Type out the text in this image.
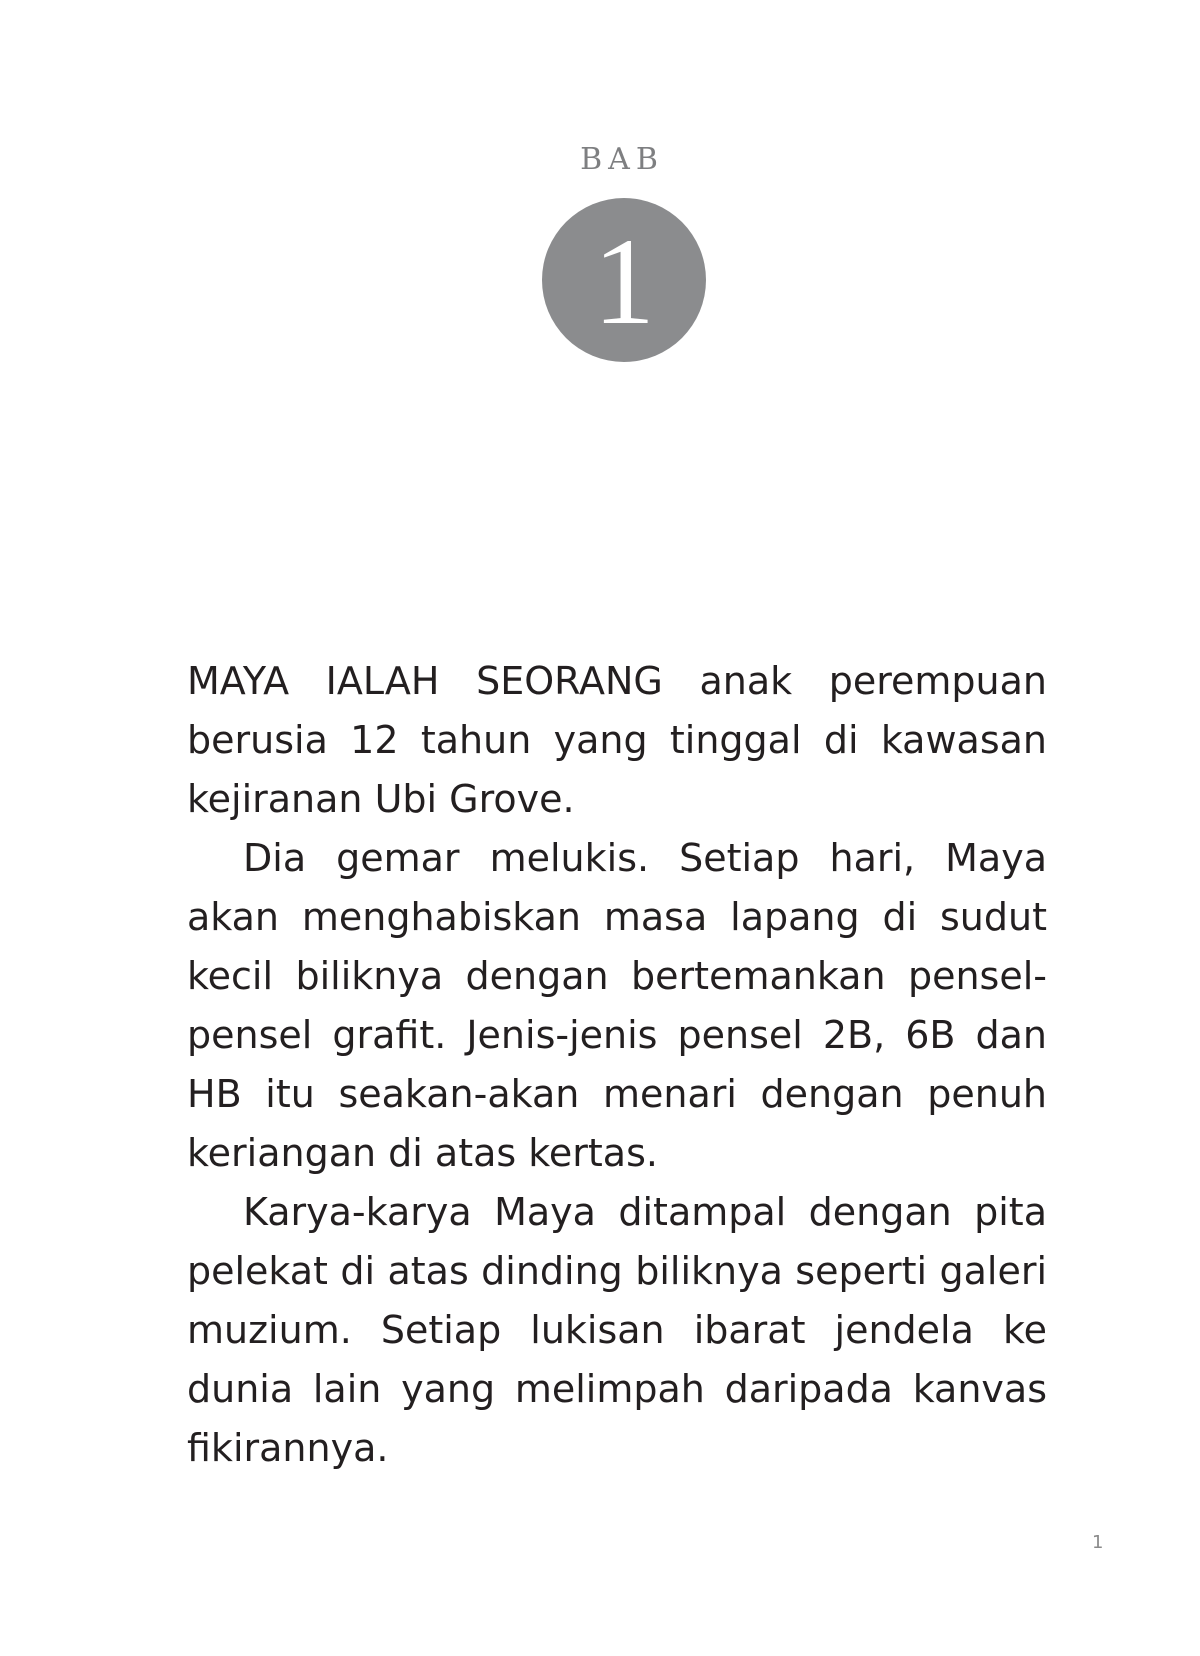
BAB
1

MAYA IALAH SEORANG anak perempuan berusia 12 tahun yang tinggal di kawasan kejiranan Ubi Grove.

Dia gemar melukis. Setiap hari, Maya akan menghabiskan masa lapang di sudut kecil biliknya dengan bertemankan pensel-pensel grafit. Jenis-jenis pensel 2B, 6B dan HB itu seakan-akan menari dengan penuh keriangan di atas kertas.

Karya-karya Maya ditampal dengan pita pelekat di atas dinding biliknya seperti galeri muzium. Setiap lukisan ibarat jendela ke dunia lain yang melimpah daripada kanvas fikirannya.

1
